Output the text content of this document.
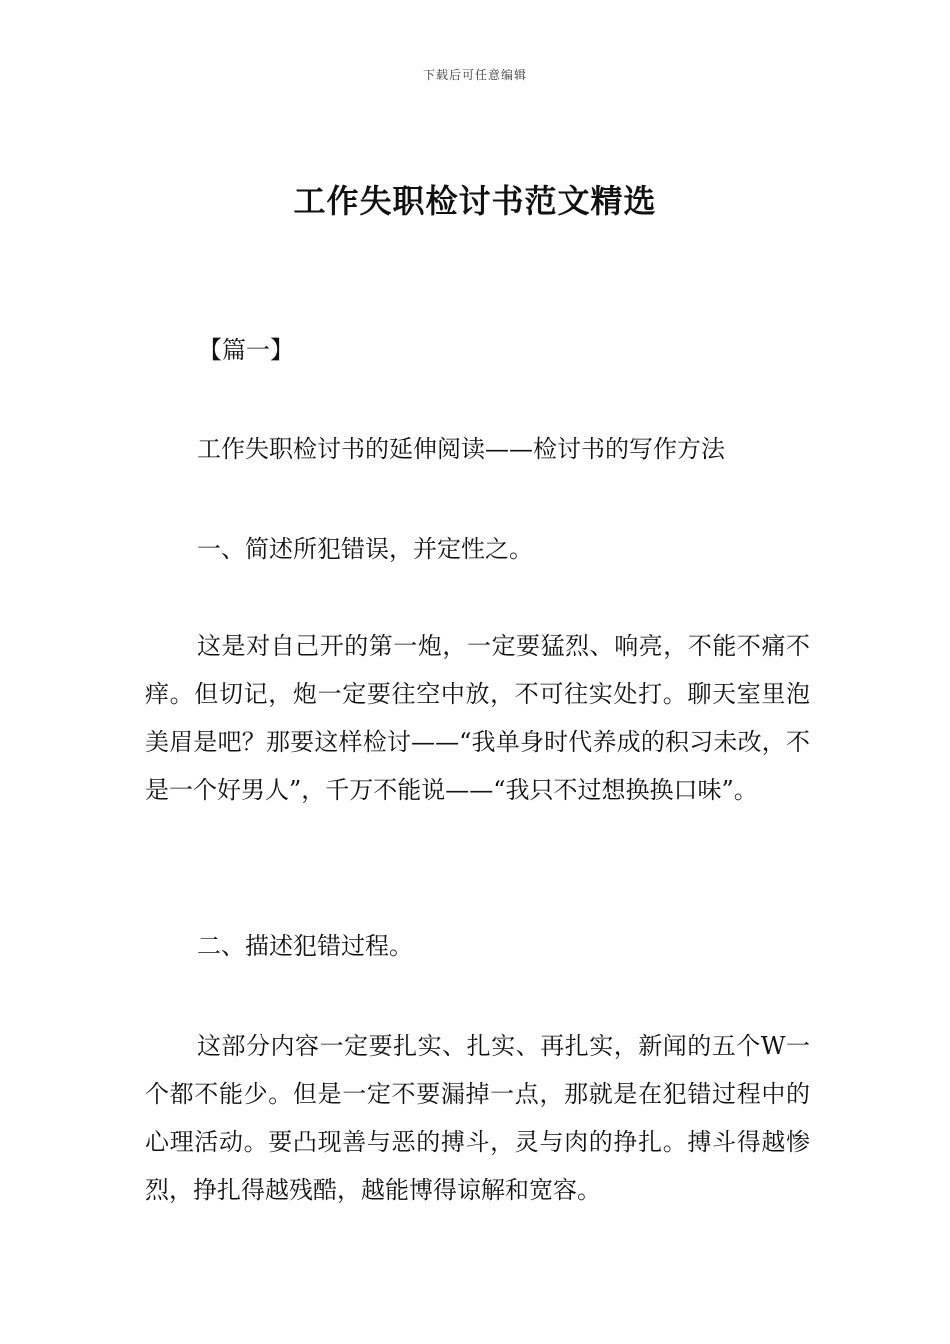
下载后可任意编辑
工作失职检讨书范文精选

【篇一】

工作失职检讨书的延伸阅读——检讨书的写作方法

一、简述所犯错误，并定性之。

这是对自己开的第一炮，一定要猛烈、响亮，不能不痛不痒。但切记，炮一定要往空中放，不可往实处打。聊天室里泡美眉是吧？那要这样检讨——“我单身时代养成的积习未改，不是一个好男人”，千万不能说——“我只不过想换换口味”。

二、描述犯错过程。

这部分内容一定要扎实、扎实、再扎实，新闻的五个W一个都不能少。但是一定不要漏掉一点，那就是在犯错过程中的心理活动。要凸现善与恶的搏斗，灵与肉的挣扎。搏斗得越惨烈，挣扎得越残酷，越能博得谅解和宽容。
